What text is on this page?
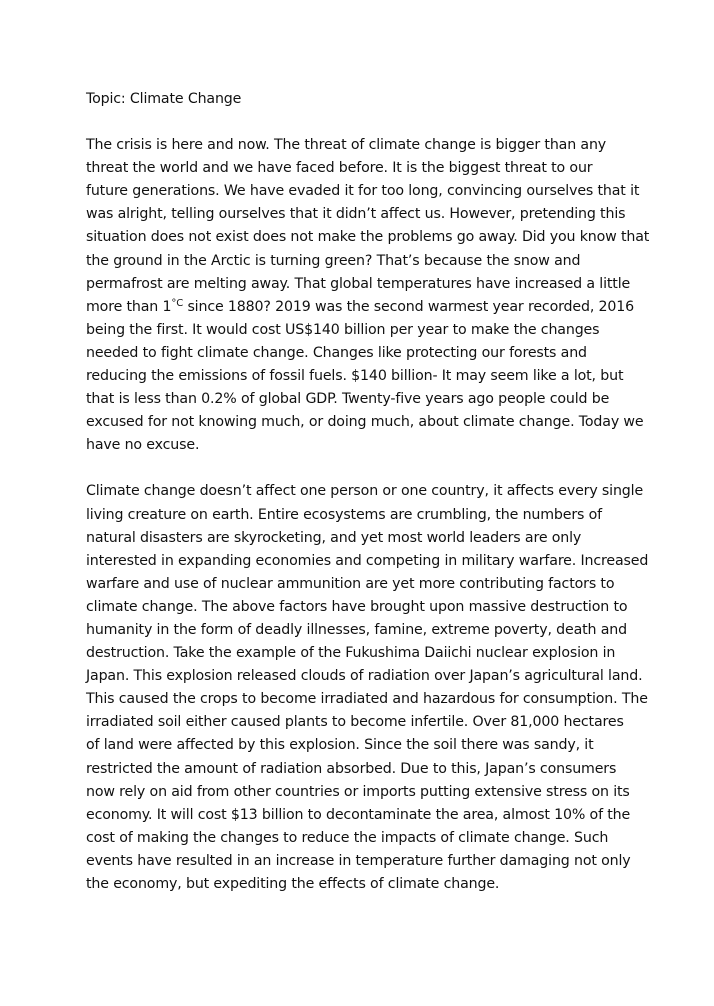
Topic: Climate Change
The crisis is here and now. The threat of climate change is bigger than any
threat the world and we have faced before. It is the biggest threat to our
future generations. We have evaded it for too long, convincing ourselves that it
was alright, telling ourselves that it didn’t affect us. However, pretending this
situation does not exist does not make the problems go away. Did you know that
the ground in the Arctic is turning green? That’s because the snow and
permafrost are melting away. That global temperatures have increased a little
more than $1^{^\circ C}$ since 1880? 2019 was the second warmest year recorded, 2016
being the first. It would cost US$140 billion per year to make the changes
needed to fight climate change. Changes like protecting our forests and
reducing the emissions of fossil fuels. $140 billion- It may seem like a lot, but
that is less than 0.2% of global GDP. Twenty-five years ago people could be
excused for not knowing much, or doing much, about climate change. Today we
have no excuse.
Climate change doesn’t affect one person or one country, it affects every single
living creature on earth. Entire ecosystems are crumbling, the numbers of
natural disasters are skyrocketing, and yet most world leaders are only
interested in expanding economies and competing in military warfare. Increased
warfare and use of nuclear ammunition are yet more contributing factors to
climate change. The above factors have brought upon massive destruction to
humanity in the form of deadly illnesses, famine, extreme poverty, death and
destruction. Take the example of the Fukushima Daiichi nuclear explosion in
Japan. This explosion released clouds of radiation over Japan’s agricultural land.
This caused the crops to become irradiated and hazardous for consumption. The
irradiated soil either caused plants to become infertile. Over 81,000 hectares
of land were affected by this explosion. Since the soil there was sandy, it
restricted the amount of radiation absorbed. Due to this, Japan’s consumers
now rely on aid from other countries or imports putting extensive stress on its
economy. It will cost $13 billion to decontaminate the area, almost 10% of the
cost of making the changes to reduce the impacts of climate change. Such
events have resulted in an increase in temperature further damaging not only
the economy, but expediting the effects of climate change.
